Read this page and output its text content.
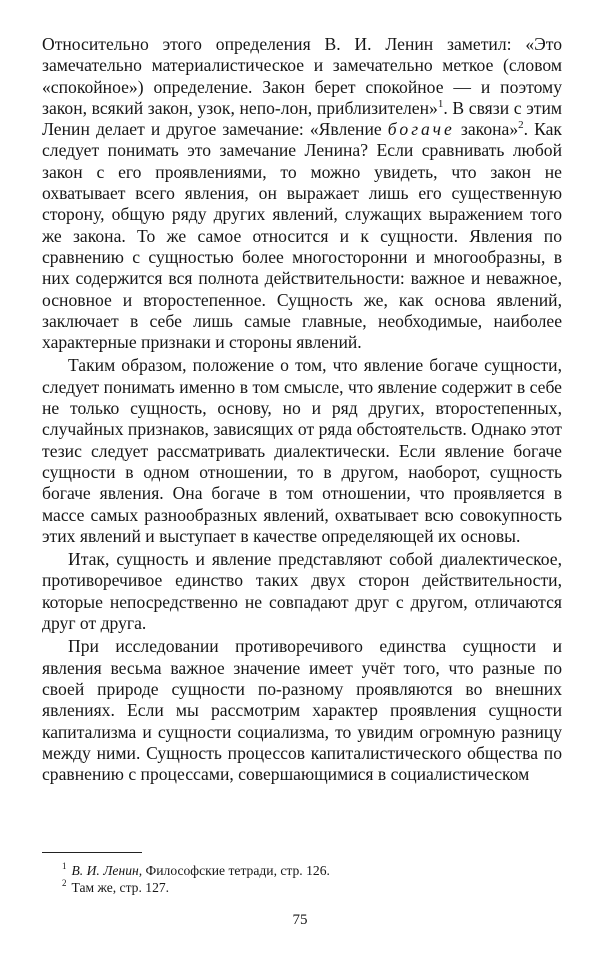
Относительно этого определения В. И. Ленин заметил: «Это замечательно материалистическое и замечательно меткое (словом «спокойное») определение. Закон берет спокойное — и поэтому закон, всякий закон, узок, непо-лон, приблизителен»$^1$. В связи с этим Ленин делает и другое замечание: «Явление богаче закона»$^2$. Как следует понимать это замечание Ленина? Если сравнивать любой закон с его проявлениями, то можно увидеть, что закон не охватывает всего явления, он выражает лишь его существенную сторону, общую ряду других явлений, служащих выражением того же закона. То же самое относится и к сущности. Явления по сравнению с сущностью более многосторонни и многообразны, в них содержится вся полнота действительности: важное и неважное, основное и второстепенное. Сущность же, как основа явлений, заключает в себе лишь самые главные, необходимые, наиболее характерные признаки и стороны явлений.

Таким образом, положение о том, что явление богаче сущности, следует понимать именно в том смысле, что явление содержит в себе не только сущность, основу, но и ряд других, второстепенных, случайных признаков, зависящих от ряда обстоятельств. Однако этот тезис следует рассматривать диалектически. Если явление богаче сущности в одном отношении, то в другом, наоборот, сущность богаче явления. Она богаче в том отношении, что проявляется в массе самых разнообразных явлений, охватывает всю совокупность этих явлений и выступает в качестве определяющей их основы.

Итак, сущность и явление представляют собой диалектическое, противоречивое единство таких двух сторон действительности, которые непосредственно не совпадают друг с другом, отличаются друг от друга.

При исследовании противоречивого единства сущности и явления весьма важное значение имеет учёт того, что разные по своей природе сущности по-разному проявляются во внешних явлениях. Если мы рассмотрим характер проявления сущности капитализма и сущности социализма, то увидим огромную разницу между ними. Сущность процессов капиталистического общества по сравнению с процессами, совершающимися в социалистическом

$^1$ В. И. Ленин, Философские тетради, стр. 126.

$^2$ Там же, стр. 127.

75
